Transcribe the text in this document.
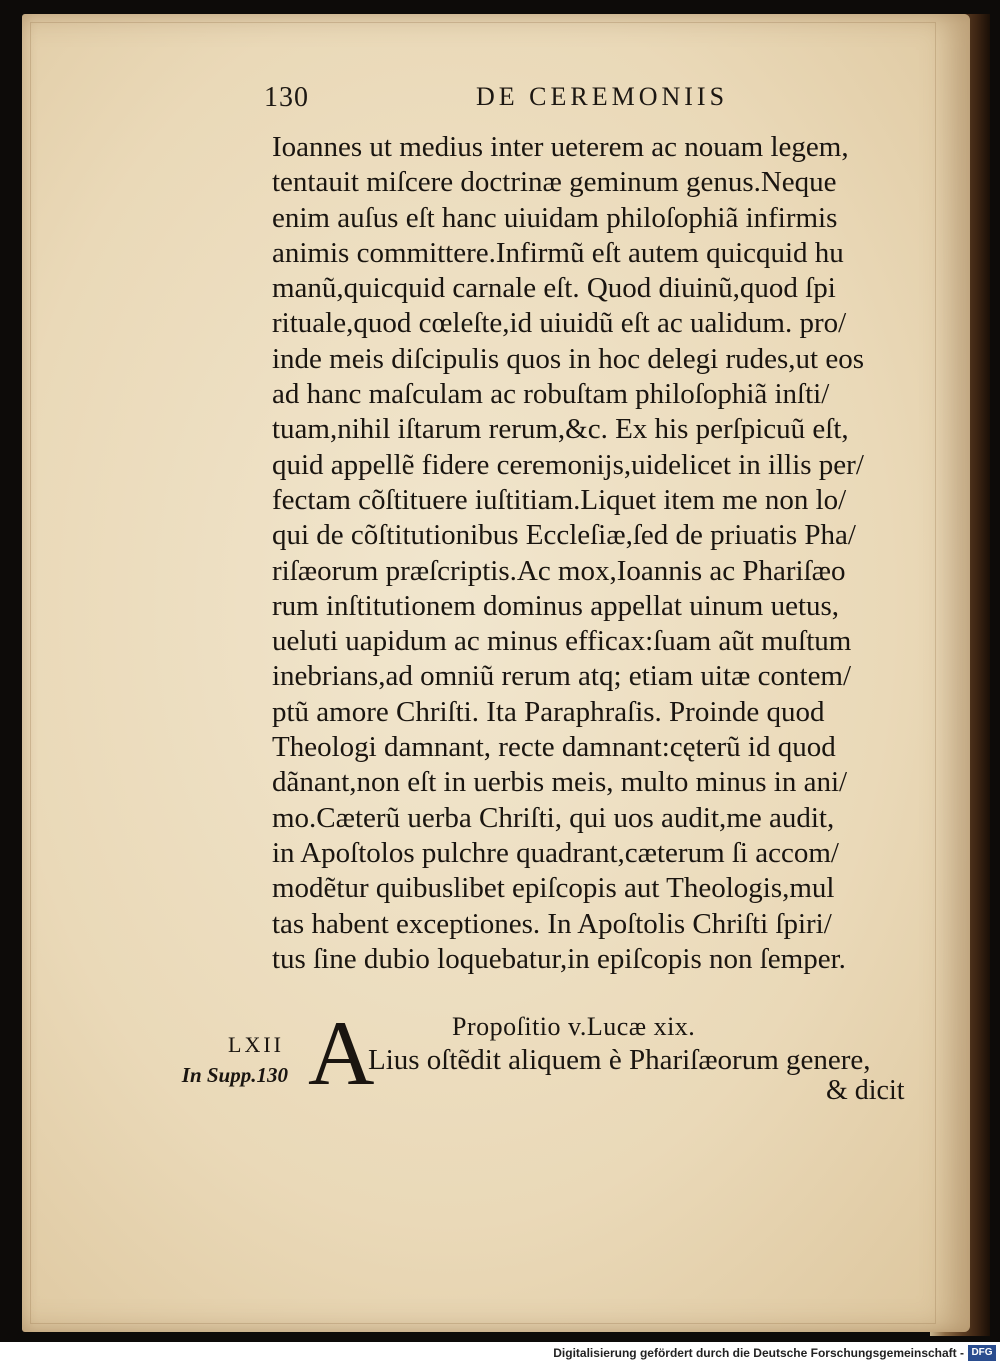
130	DE CEREMONIIS
Ioannes ut medius inter ueterem ac nouam legem,
tentauit miſcere doctrinæ geminum genus.Neque
enim auſus eſt hanc uiuidam philoſophiã infirmis
animis committere.Infirmũ eſt autem quicquid hu
manũ,quicquid carnale eſt. Quod diuinũ,quod ſpi
rituale,quod cœleſte,id uiuidũ eſt ac ualidum. pro/
inde meis diſcipulis quos in hoc delegi rudes,ut eos
ad hanc maſculam ac robuſtam philoſophiã inſti/
tuam,nihil iſtarum rerum,&c. Ex his perſpicuũ eſt,
quid appellẽ fidere ceremoniјs,uidelicet in illis per/
fectam cõſtituere iuſtitiam.Liquet item me non lo/
qui de cõſtitutionibus Eccleſiæ,ſed de priuatis Pha/
riſæorum præſcriptis.Ac mox,Ioannis ac Phariſæo
rum inſtitutionem dominus appellat uinum uetus,
ueluti uapidum ac minus efficax:ſuam aũt muſtum
inebrians,ad omniũ rerum atq; etiam uitæ contem/
ptũ amore Chriſti. Ita Paraphraſis. Proinde quod
Theologi damnant, recte damnant:cęterũ id quod
dãnant,non eſt in uerbis meis, multo minus in ani/
mo.Cæterũ uerba Chriſti, qui uos audit,me audit,
in Apoſtolos pulchre quadrant,cæterum ſi accom/
modẽtur quibuslibet epiſcopis aut Theologis,mul
tas habent exceptiones. In Apoſtolis Chriſti ſpiri/
tus ſine dubio loquebatur,in epiſcopis non ſemper.
LXII
In Supp.130
Propoſitio v.Lucæ xix.
A
Lius oſtẽdit aliquem è Phariſæorum genere,
& dicit
Digitalisierung gefördert durch die Deutsche Forschungsgemeinschaft - DFG
